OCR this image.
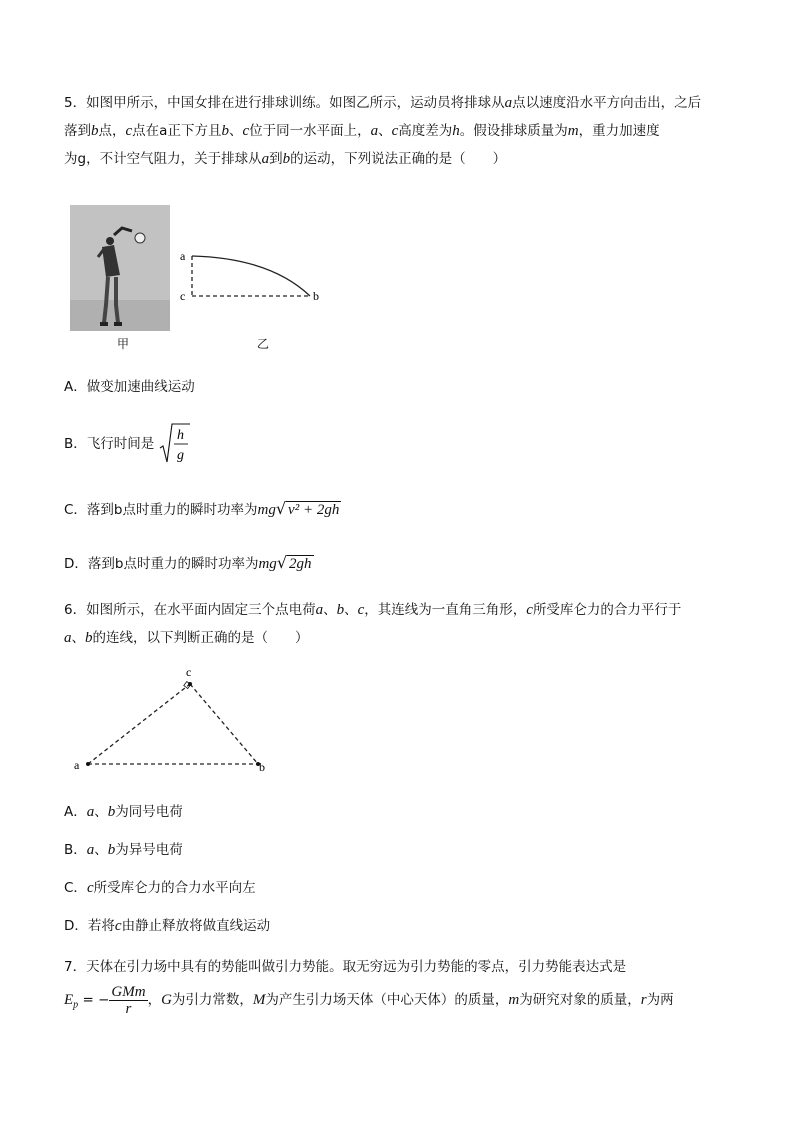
5．如图甲所示，中国女排在进行排球训练。如图乙所示，运动员将排球从a点以速度沿水平方向击出，之后
落到b点，c点在a正下方且b、c位于同一水平面上，a、c高度差为h。假设排球质量为m，重力加速度
为g，不计空气阻力，关于排球从a到b的运动，下列说法正确的是（　　）

a
c	b
甲	乙

A．做变加速曲线运动

B．飞行时间是
h
g

C．落到b点时重力的瞬时功率为mg√ v² + 2gh

D．落到b点时重力的瞬时功率为mg√ 2gh

6．如图所示，在水平面内固定三个点电荷a、b、c，其连线为一直角三角形，c所受库仑力的合力平行于
a、b的连线，以下判断正确的是（　　）

a	b
c

A．a、b为同号电荷

B．a、b为异号电荷

C．c所受库仑力的合力水平向左

D．若将c由静止释放将做直线运动

7．天体在引力场中具有的势能叫做引力势能。取无穷远为引力势能的零点，引力势能表达式是

$E_p$ = − $\frac{\text{GMm}}{r}$ ，G为引力常数，M为产生引力场天体（中心天体）的质量，m为研究对象的质量，r为两
